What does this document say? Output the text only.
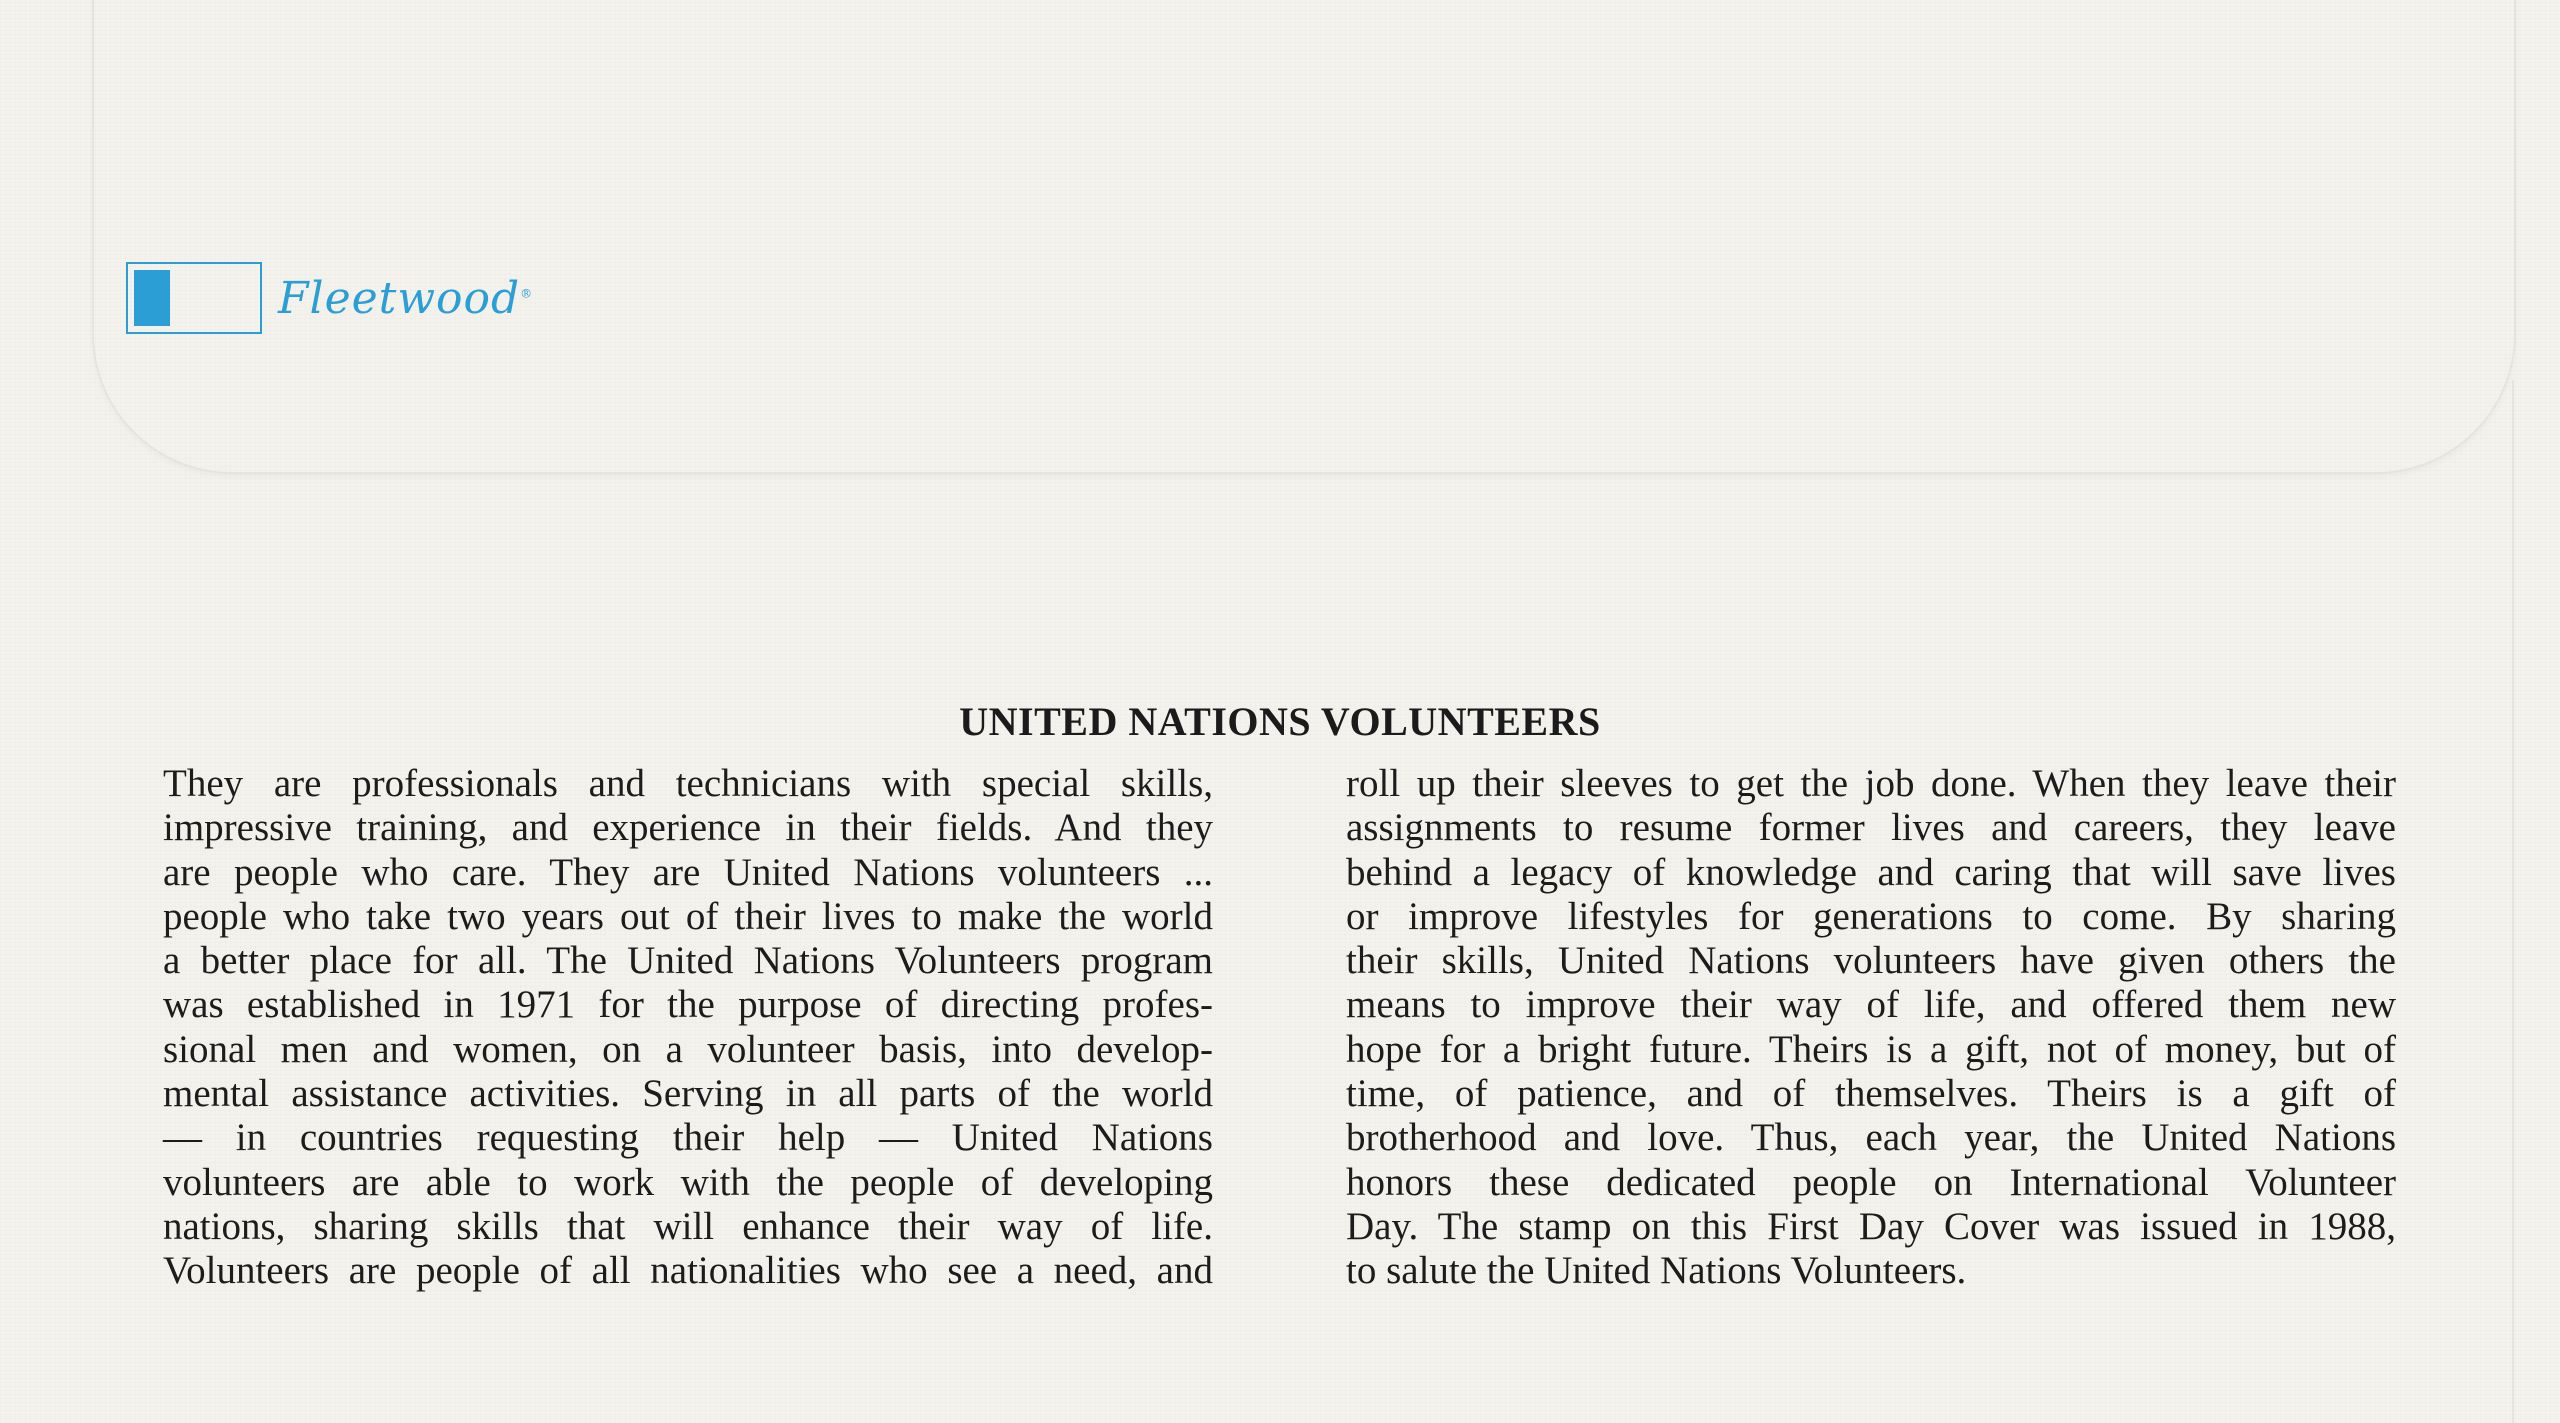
Fleetwood®
UNITED NATIONS VOLUNTEERS
They are professionals and technicians with special skills,
impressive training, and experience in their fields. And they
are people who care. They are United Nations volunteers ...
people who take two years out of their lives to make the world
a better place for all. The United Nations Volunteers program
was established in 1971 for the purpose of directing profes-
sional men and women, on a volunteer basis, into develop-
mental assistance activities. Serving in all parts of the world
— in countries requesting their help — United Nations
volunteers are able to work with the people of developing
nations, sharing skills that will enhance their way of life.
Volunteers are people of all nationalities who see a need, and
roll up their sleeves to get the job done. When they leave their
assignments to resume former lives and careers, they leave
behind a legacy of knowledge and caring that will save lives
or improve lifestyles for generations to come. By sharing
their skills, United Nations volunteers have given others the
means to improve their way of life, and offered them new
hope for a bright future. Theirs is a gift, not of money, but of
time, of patience, and of themselves. Theirs is a gift of
brotherhood and love. Thus, each year, the United Nations
honors these dedicated people on International Volunteer
Day. The stamp on this First Day Cover was issued in 1988,
to salute the United Nations Volunteers.
